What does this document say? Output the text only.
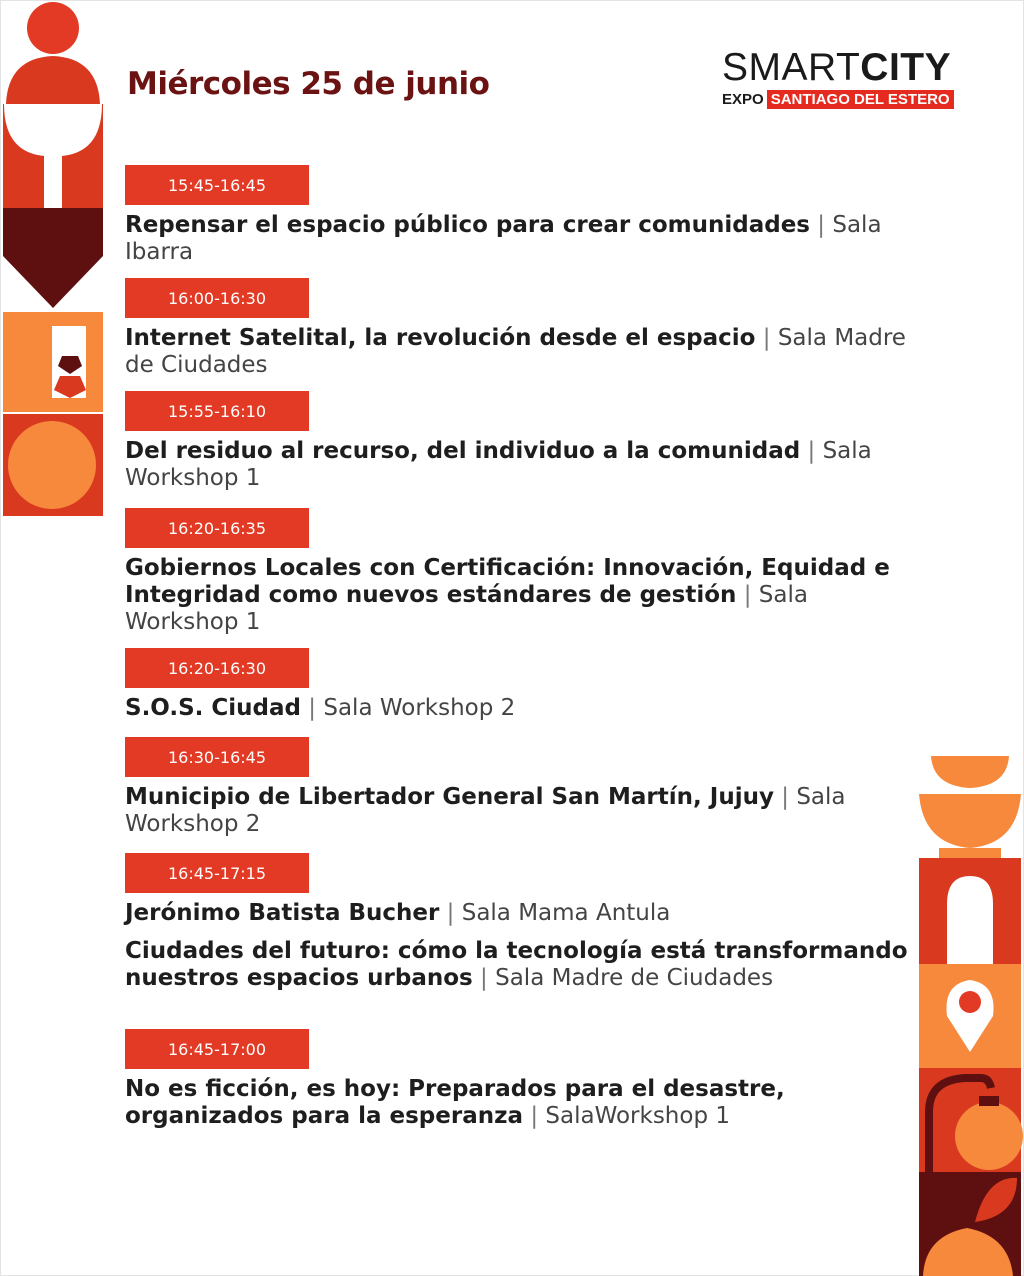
Miércoles 25 de junio	SMARTCITY
EXPO SANTIAGO DEL ESTERO
15:45-16:45
Repensar el espacio público para crear comunidades | Sala Ibarra
16:00-16:30
Internet Satelital, la revolución desde el espacio | Sala Madre de Ciudades
15:55-16:10
Del residuo al recurso, del individuo a la comunidad | Sala Workshop 1
16:20-16:35
Gobiernos Locales con Certificación: Innovación, Equidad e Integridad como nuevos estándares de gestión | Sala Workshop 1
16:20-16:30
S.O.S. Ciudad | Sala Workshop 2
16:30-16:45
Municipio de Libertador General San Martín, Jujuy | Sala Workshop 2
16:45-17:15
Jerónimo Batista Bucher | Sala Mama Antula
Ciudades del futuro: cómo la tecnología está transformando nuestros espacios urbanos | Sala Madre de Ciudades
16:45-17:00
No es ficción, es hoy: Preparados para el desastre, organizados para la esperanza | SalaWorkshop 1
